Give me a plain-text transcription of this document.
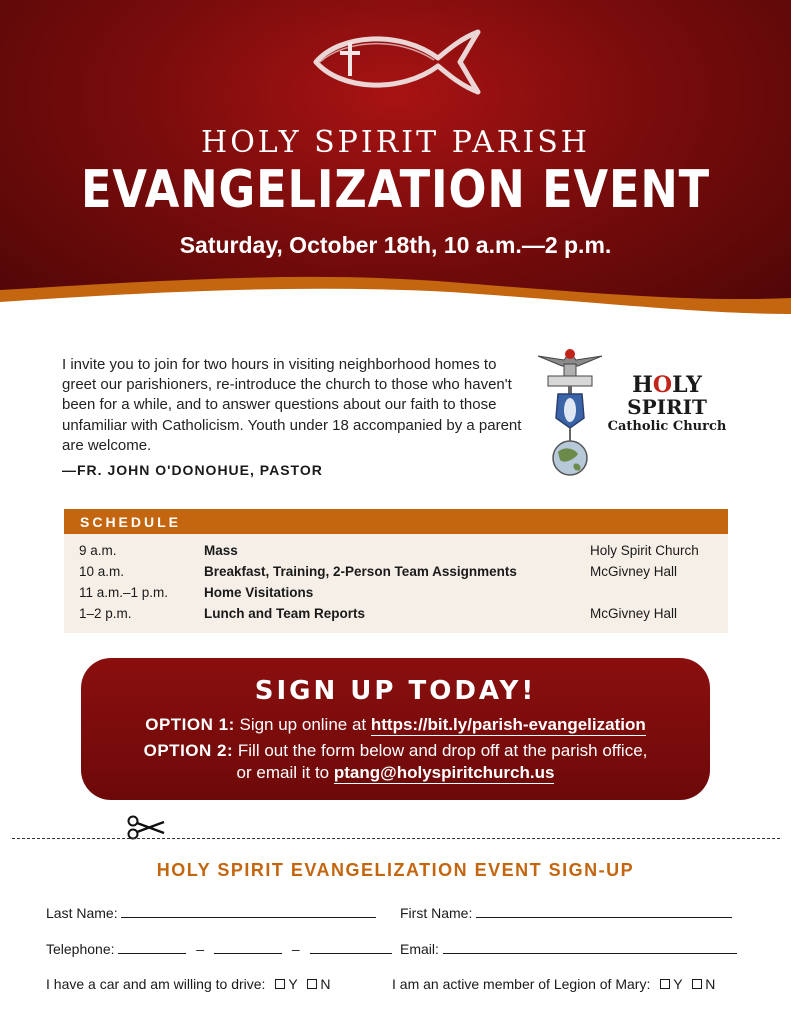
HOLY SPIRIT PARISH
EVANGELIZATION EVENT
Saturday, October 18th, 10 a.m.—2 p.m.
I invite you to join for two hours in visiting neighborhood homes to greet our parishioners, re-introduce the church to those who haven't been for a while, and to answer questions about our faith to those unfamiliar with Catholicism. Youth under 18 accompanied by a parent are welcome.
—FR. JOHN O'DONOHUE, PASTOR
HOLY
SPIRIT
Catholic Church
SCHEDULE
9 a.m.	Mass	Holy Spirit Church
10 a.m.	Breakfast, Training, 2-Person Team Assignments	McGivney Hall
11 a.m.–1 p.m.	Home Visitations
1–2 p.m.	Lunch and Team Reports	McGivney Hall
SIGN UP TODAY!
OPTION 1: Sign up online at https://bit.ly/parish-evangelization
OPTION 2: Fill out the form below and drop off at the parish office,
or email it to ptang@holyspiritchurch.us
HOLY SPIRIT EVANGELIZATION EVENT SIGN-UP
Last Name:	First Name:
Telephone:	–	–	Email:
I have a car and am willing to drive: Y N	I am an active member of Legion of Mary: Y N
